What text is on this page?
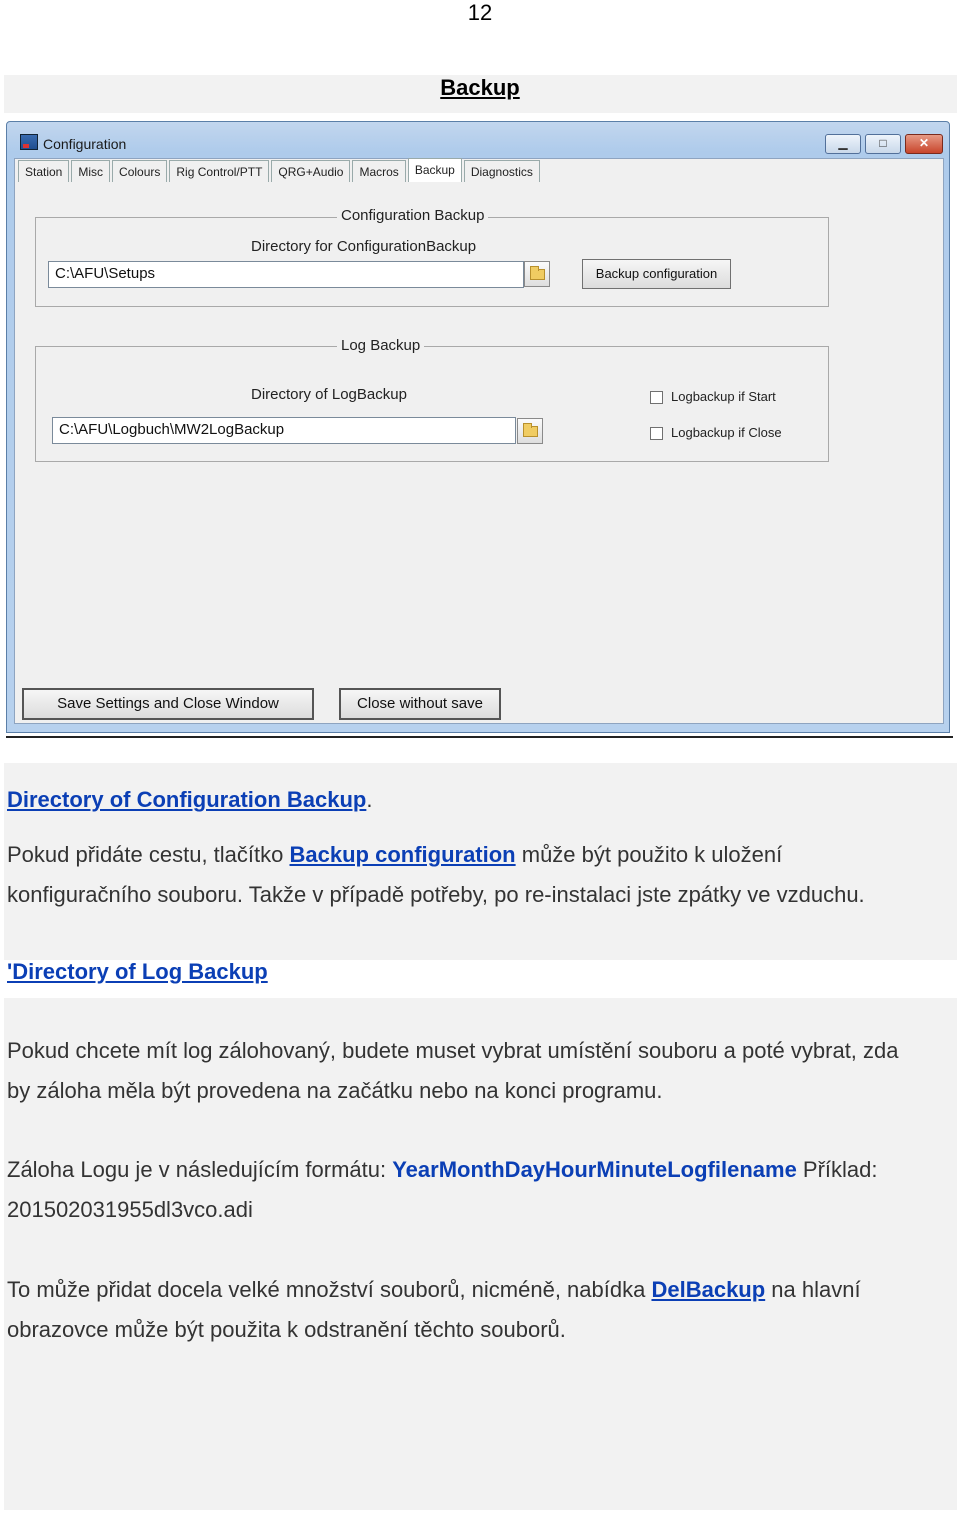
12
Backup
Configuration	▁	□	✕
Station	Misc	Colours	Rig Control/PTT	QRG+Audio	Macros	Backup	Diagnostics
Configuration Backup
Directory for ConfigurationBackup
C:\AFU\Setups	Backup configuration
Log Backup
Directory of LogBackup
C:\AFU\Logbuch\MW2LogBackup
Logbackup if Start
Logbackup if Close
Save Settings and Close Window	Close without save
Directory of Configuration Backup.
Pokud přidáte cestu, tlačítko Backup configuration může být použito k uložení
konfiguračního souboru. Takže v případě potřeby, po re-instalaci jste zpátky ve vzduchu.
'Directory of Log Backup
Pokud chcete mít log zálohovaný, budete muset vybrat umístění souboru a poté vybrat, zda
by záloha měla být provedena na začátku nebo na konci programu.
Záloha Logu je v následujícím formátu: YearMonthDayHourMinuteLogfilename Příklad:
201502031955dl3vco.adi
To může přidat docela velké množství souborů, nicméně, nabídka DelBackup na hlavní
obrazovce může být použita k odstranění těchto souborů.
